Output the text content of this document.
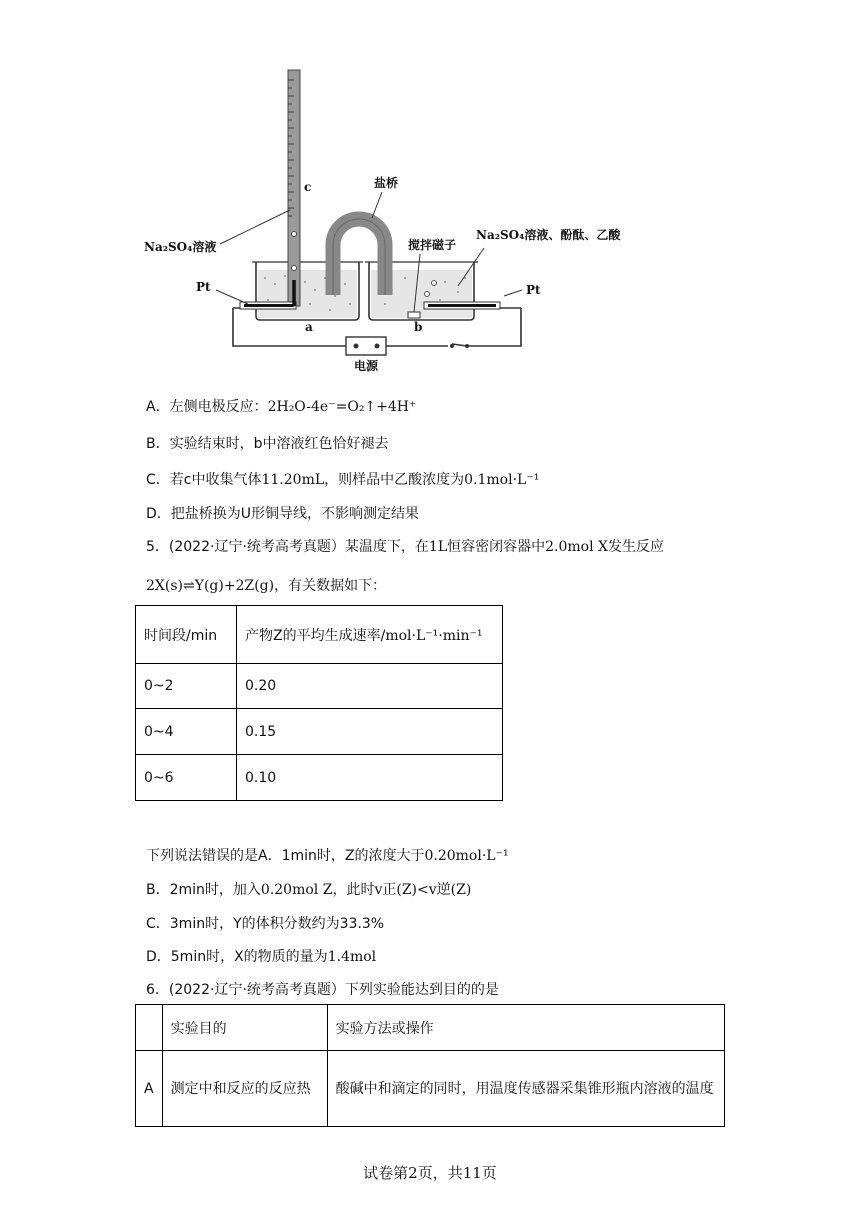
c	盐桥
搅拌磁子
Na₂SO₄溶液
Na₂SO₄溶液、酚酞、乙酸
Pt	Pt
a	b
电源
A．左侧电极反应：2H₂O-4e⁻=O₂↑+4H⁺
B．实验结束时，b中溶液红色恰好褪去
C．若c中收集气体11.20mL，则样品中乙酸浓度为0.1mol·L⁻¹
D．把盐桥换为U形铜导线，不影响测定结果
5．(2022·辽宁·统考高考真题）某温度下，在1L恒容密闭容器中2.0mol X发生反应
2X(s)⇌Y(g)+2Z(g)，有关数据如下：
时间段/min	产物Z的平均生成速率/mol·L⁻¹·min⁻¹
0~2	0.20
0~4	0.15
0~6	0.10
下列说法错误的是A．1min时，Z的浓度大于0.20mol·L⁻¹
B．2min时，加入0.20mol Z，此时v正(Z)<v逆(Z)
C．3min时，Y的体积分数约为33.3%
D．5min时，X的物质的量为1.4mol
6．(2022·辽宁·统考高考真题）下列实验能达到目的的是
	实验目的	实验方法或操作
A	测定中和反应的反应热	酸碱中和滴定的同时，用温度传感器采集锥形瓶内溶液的温度
试卷第2页，共11页
